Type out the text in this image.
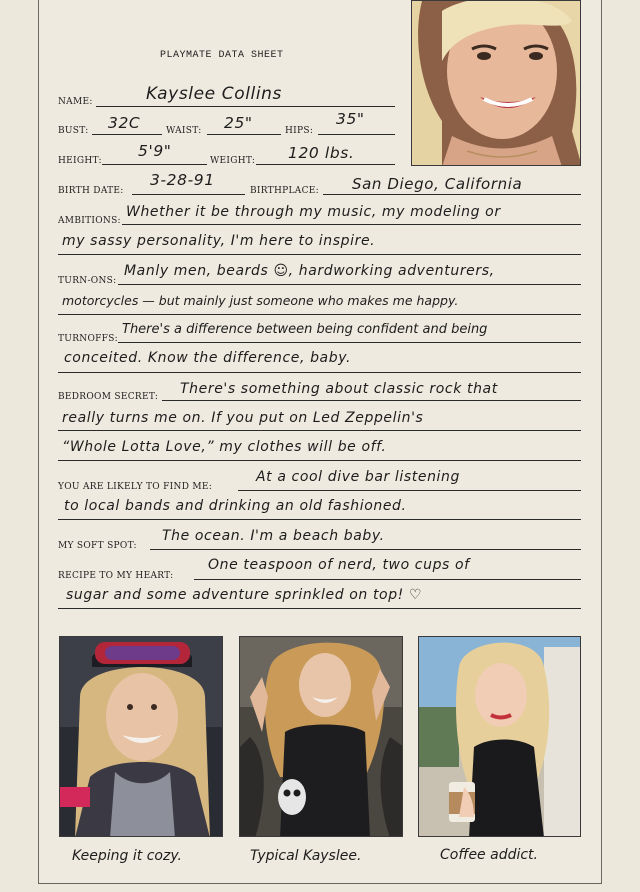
PLAYMATE DATA SHEET
NAME:	Kayslee Collins
BUST: 32C	WAIST: 25"	HIPS:
35"
HEIGHT:
5'9"
WEIGHT: 120 lbs.
BIRTH DATE:
3-28-91
BIRTHPLACE: San Diego, California
AMBITIONS:
Whether it be through my music, my modeling or
my sassy personality, I'm here to inspire.
TURN-ONS:
Manly men, beards ☺, hardworking adventurers,
motorcycles — but mainly just someone who makes me happy.
TURNOFFS:
There's a difference between being confident and being
conceited. Know the difference, baby.
BEDROOM SECRET: There's something about classic rock that
really turns me on. If you put on Led Zeppelin's
“Whole Lotta Love,” my clothes will be off.
YOU ARE LIKELY TO FIND ME:
At a cool dive bar listening
to local bands and drinking an old fashioned.
MY SOFT SPOT:
The ocean. I'm a beach baby.
RECIPE TO MY HEART:
One teaspoon of nerd, two cups of
sugar and some adventure sprinkled on top! ♡
Keeping it cozy.	Typical Kayslee.	Coffee addict.
